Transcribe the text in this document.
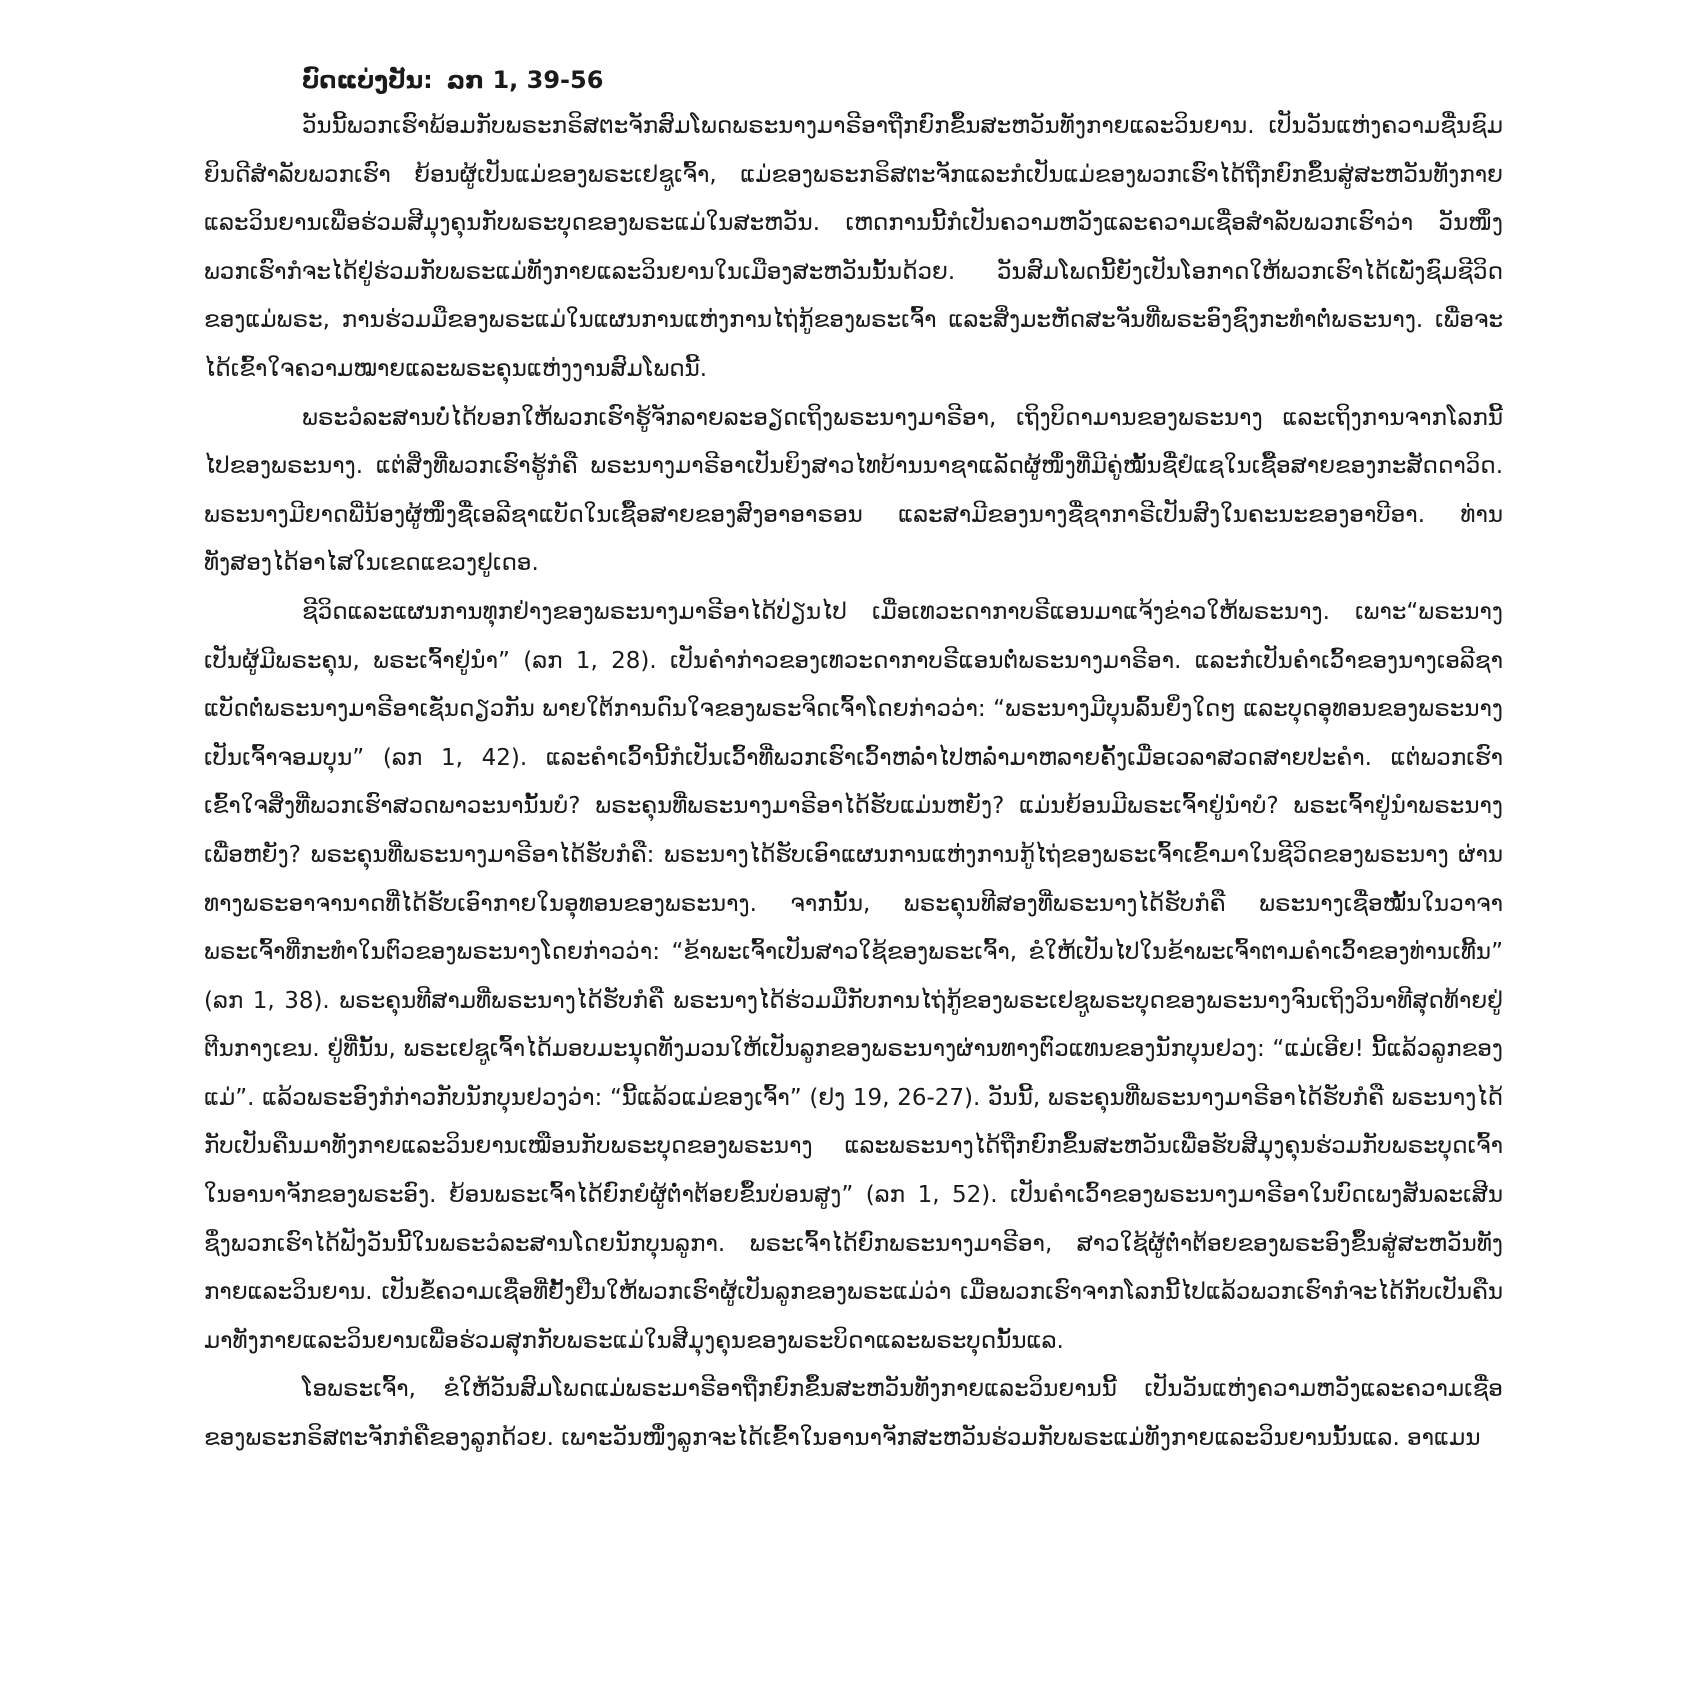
ບົດແບ່ງປັນ: ລກ 1, 39-56

ວັນນີ້ພວກເຮົາພ້ອມກັບພຣະກຣິສຕະຈັກສົມໂພດພຣະນາງມາຣີອາຖືກຍົກຂຶ້ນສະຫວັນທັງກາຍແລະວິນຍານ. ເປັນວັນແຫ່ງຄວາມຊື່ນຊົມຍິນດີສຳລັບພວກເຮົາ ຍ້ອນຜູ້ເປັນແມ່ຂອງພຣະເຢຊູເຈົ້າ, ແມ່ຂອງພຣະກຣິສຕະຈັກແລະກໍເປັນແມ່ຂອງພວກເຮົາໄດ້ຖືກຍົກຂຶ້ນສູ່ສະຫວັນທັງກາຍແລະວິນຍານເພື່ອຮ່ວມສີມຸງຄຸນກັບພຣະບຸດຂອງພຣະແມ່ໃນສະຫວັນ. ເຫດການນີ້ກໍເປັນຄວາມຫວັງແລະຄວາມເຊື່ອສຳລັບພວກເຮົາວ່າ ວັນໜຶ່ງພວກເຮົາກໍຈະໄດ້ຢູ່ຮ່ວມກັບພຣະແມ່ທັງກາຍແລະວິນຍານໃນເມືອງສະຫວັນນັ້ນດ້ວຍ. ວັນສົມໂພດນີ້ຍັງເປັນໂອກາດໃຫ້ພວກເຮົາໄດ້ເພັ່ງຊົມຊີວິດຂອງແມ່ພຣະ, ການຮ່ວມມືຂອງພຣະແມ່ໃນແຜນການແຫ່ງການໄຖ່ກູ້ຂອງພຣະເຈົ້າ ແລະສິ່ງມະຫັດສະຈັນທີ່ພຣະອົງຊົງກະທຳຕໍ່ພຣະນາງ. ເພື່ອຈະໄດ້ເຂົ້າໃຈຄວາມໝາຍແລະພຣະຄຸນແຫ່ງງານສົມໂພດນີ້.

ພຣະວໍລະສານບໍ່ໄດ້ບອກໃຫ້ພວກເຮົາຮູ້ຈັກລາຍລະອຽດເຖິງພຣະນາງມາຣີອາ, ເຖິງບິດາມານຂອງພຣະນາງ ແລະເຖິງການຈາກໂລກນີ້ໄປຂອງພຣະນາງ. ແຕ່ສິ່ງທີ່ພວກເຮົາຮູ້ກໍຄື ພຣະນາງມາຣີອາເປັນຍິງສາວໄທບ້ານນາຊາແລັດຜູ້ໜຶ່ງທີ່ມີຄູ່ໝັ້ນຊື່ຢໍແຊໃນເຊື້ອສາຍຂອງກະສັດດາວິດ. ພຣະນາງມີຍາດພີ່ນ້ອງຜູ້ໜຶ່ງຊື່ເອລີຊາແບັດໃນເຊື້ອສາຍຂອງສົງອາອາຣອນ ແລະສາມີຂອງນາງຊື່ຊາກາຣີເປັນສົງໃນຄະນະຂອງອາບີອາ. ທ່ານທັງສອງໄດ້ອາໄສໃນເຂດແຂວງຢູເດອ.

ຊີວິດແລະແຜນການທຸກຢ່າງຂອງພຣະນາງມາຣີອາໄດ້ປ່ຽນໄປ ເມື່ອເທວະດາກາບຣີແອນມາແຈ້ງຂ່າວໃຫ້ພຣະນາງ. ເພາະ“ພຣະນາງເປັນຜູ້ມີພຣະຄຸນ, ພຣະເຈົ້າຢູ່ນຳ” (ລກ 1, 28). ເປັນຄຳກ່າວຂອງເທວະດາກາບຣີແອນຕໍ່ພຣະນາງມາຣີອາ. ແລະກໍເປັນຄຳເວົ້າຂອງນາງເອລີຊາແບັດຕໍ່ພຣະນາງມາຣີອາເຊັ່ນດຽວກັນ ພາຍໃຕ້ການດົນໃຈຂອງພຣະຈິດເຈົ້າໂດຍກ່າວວ່າ: “ພຣະນາງມີບຸນລົ້ນຍິ່ງໃດໆ ແລະບຸດອຸທອນຂອງພຣະນາງເປັນເຈົ້າຈອມບຸນ” (ລກ 1, 42). ແລະຄຳເວົ້ານີ້ກໍເປັນເວົ້າທີ່ພວກເຮົາເວົ້າຫລໍ່າໄປຫລໍ່າມາຫລາຍຄັ້ງເມື່ອເວລາສວດສາຍປະຄຳ. ແຕ່ພວກເຮົາເຂົ້າໃຈສິ່ງທີ່ພວກເຮົາສວດພາວະນານັ້ນບໍ? ພຣະຄຸນທີ່ພຣະນາງມາຣີອາໄດ້ຮັບແມ່ນຫຍັງ? ແມ່ນຍ້ອນມີພຣະເຈົ້າຢູ່ນຳບໍ? ພຣະເຈົ້າຢູ່ນຳພຣະນາງເພື່ອຫຍັງ? ພຣະຄຸນທີ່ພຣະນາງມາຣີອາໄດ້ຮັບກໍຄື: ພຣະນາງໄດ້ຮັບເອົາແຜນການແຫ່ງການກູ້ໄຖ່ຂອງພຣະເຈົ້າເຂົ້າມາໃນຊີວິດຂອງພຣະນາງ ຜ່ານທາງພຣະອາຈານາດທີ່ໄດ້ຮັບເອົາກາຍໃນອຸທອນຂອງພຣະນາງ. ຈາກນັ້ນ, ພຣະຄຸນທີສອງທີ່ພຣະນາງໄດ້ຮັບກໍຄື ພຣະນາງເຊື່ອໝັ້ນໃນວາຈາພຣະເຈົ້າທີ່ກະທຳໃນຕົວຂອງພຣະນາງໂດຍກ່າວວ່າ: “ຂ້າພະເຈົ້າເປັນສາວໃຊ້ຂອງພຣະເຈົ້າ, ຂໍໃຫ້ເປັນໄປໃນຂ້າພະເຈົ້າຕາມຄຳເວົ້າຂອງທ່ານເທີ້ນ” (ລກ 1, 38). ພຣະຄຸນທີສາມທີ່ພຣະນາງໄດ້ຮັບກໍຄື ພຣະນາງໄດ້ຮ່ວມມືກັບການໄຖ່ກູ້ຂອງພຣະເຢຊູພຣະບຸດຂອງພຣະນາງຈົນເຖິງວິນາທີສຸດທ້າຍຢູ່ຕີນກາງເຂນ. ຢູ່ທີ່ນັ້ນ, ພຣະເຢຊູເຈົ້າໄດ້ມອບມະນຸດທັງມວນໃຫ້ເປັນລູກຂອງພຣະນາງຜ່ານທາງຕົວແທນຂອງນັກບຸນຢວງ: “ແມ່ເອີຍ! ນີ້ແລ້ວລູກຂອງແມ່”. ແລ້ວພຣະອົງກໍກ່າວກັບນັກບຸນຢວງວ່າ: “ນີ້ແລ້ວແມ່ຂອງເຈົ້າ” (ຢງ 19, 26-27). ວັນນີ້, ພຣະຄຸນທີ່ພຣະນາງມາຣີອາໄດ້ຮັບກໍຄື ພຣະນາງໄດ້ກັບເປັນຄືນມາທັງກາຍແລະວິນຍານເໝືອນກັບພຣະບຸດຂອງພຣະນາງ ແລະພຣະນາງໄດ້ຖືກຍົກຂຶ້ນສະຫວັນເພື່ອຮັບສີມຸງຄຸນຮ່ວມກັບພຣະບຸດເຈົ້າໃນອານາຈັກຂອງພຣະອົງ. ຍ້ອນພຣະເຈົ້າໄດ້ຍົກຍໍຜູ້ຕໍ່າຕ້ອຍຂຶ້ນບ່ອນສູງ” (ລກ 1, 52). ເປັນຄຳເວົ້າຂອງພຣະນາງມາຣີອາໃນບົດເພງສັນລະເສີນຊຶ່ງພວກເຮົາໄດ້ຟັງວັນນີ້ໃນພຣະວໍລະສານໂດຍນັກບຸນລູກາ. ພຣະເຈົ້າໄດ້ຍົກພຣະນາງມາຣີອາ, ສາວໃຊ້ຜູ້ຕໍ່າຕ້ອຍຂອງພຣະອົງຂຶ້ນສູ່ສະຫວັນທັງກາຍແລະວິນຍານ. ເປັນຂໍ້ຄວາມເຊື່ອທີ່ຢັ້ງຢືນໃຫ້ພວກເຮົາຜູ້ເປັນລູກຂອງພຣະແມ່ວ່າ ເມື່ອພວກເຮົາຈາກໂລກນີ້ໄປແລ້ວພວກເຮົາກໍຈະໄດ້ກັບເປັນຄືນມາທັງກາຍແລະວິນຍານເພື່ອຮ່ວມສຸກກັບພຣະແມ່ໃນສີມຸງຄຸນຂອງພຣະບິດາແລະພຣະບຸດນັ້ນແລ.

ໂອພຣະເຈົ້າ, ຂໍໃຫ້ວັນສົມໂພດແມ່ພຣະມາຣີອາຖືກຍົກຂຶ້ນສະຫວັນທັງກາຍແລະວິນຍານນີ້ ເປັນວັນແຫ່ງຄວາມຫວັງແລະຄວາມເຊື່ອຂອງພຣະກຣິສຕະຈັກກໍຄືຂອງລູກດ້ວຍ. ເພາະວັນໜຶ່ງລູກຈະໄດ້ເຂົ້າໃນອານາຈັກສະຫວັນຮ່ວມກັບພຣະແມ່ທັງກາຍແລະວິນຍານນັ້ນແລ. ອາແມນ
